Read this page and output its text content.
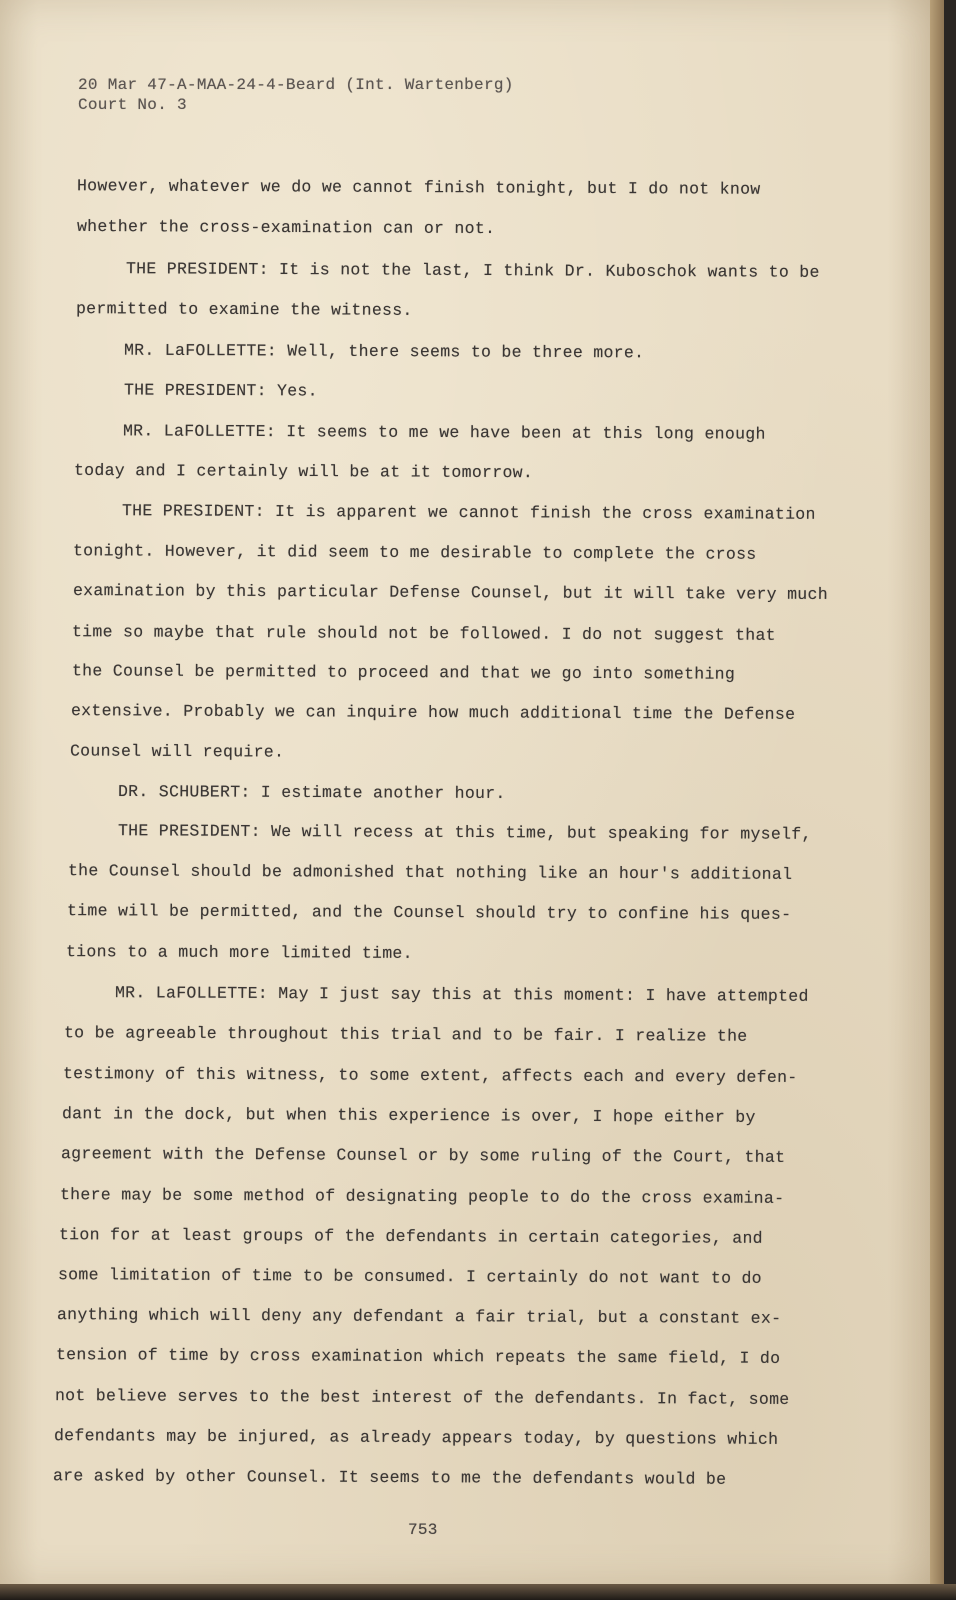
20 Mar 47-A-MAA-24-4-Beard (Int. Wartenberg)

Court No. 3

However, whatever we do we cannot finish tonight, but I do not know

whether the cross-examination can or not.

THE PRESIDENT: It is not the last, I think Dr. Kuboschok wants to be

permitted to examine the witness.

MR. LaFOLLETTE: Well, there seems to be three more.

THE PRESIDENT: Yes.

MR. LaFOLLETTE: It seems to me we have been at this long enough

today and I certainly will be at it tomorrow.

THE PRESIDENT: It is apparent we cannot finish the cross examination

tonight. However, it did seem to me desirable to complete the cross

examination by this particular Defense Counsel, but it will take very much

time so maybe that rule should not be followed. I do not suggest that

the Counsel be permitted to proceed and that we go into something

extensive. Probably we can inquire how much additional time the Defense

Counsel will require.

DR. SCHUBERT: I estimate another hour.

THE PRESIDENT: We will recess at this time, but speaking for myself,

the Counsel should be admonished that nothing like an hour's additional

time will be permitted, and the Counsel should try to confine his ques-

tions to a much more limited time.

MR. LaFOLLETTE: May I just say this at this moment: I have attempted

to be agreeable throughout this trial and to be fair. I realize the

testimony of this witness, to some extent, affects each and every defen-

dant in the dock, but when this experience is over, I hope either by

agreement with the Defense Counsel or by some ruling of the Court, that

there may be some method of designating people to do the cross examina-

tion for at least groups of the defendants in certain categories, and

some limitation of time to be consumed. I certainly do not want to do

anything which will deny any defendant a fair trial, but a constant ex-

tension of time by cross examination which repeats the same field, I do

not believe serves to the best interest of the defendants. In fact, some

defendants may be injured, as already appears today, by questions which

are asked by other Counsel. It seems to me the defendants would be

753
